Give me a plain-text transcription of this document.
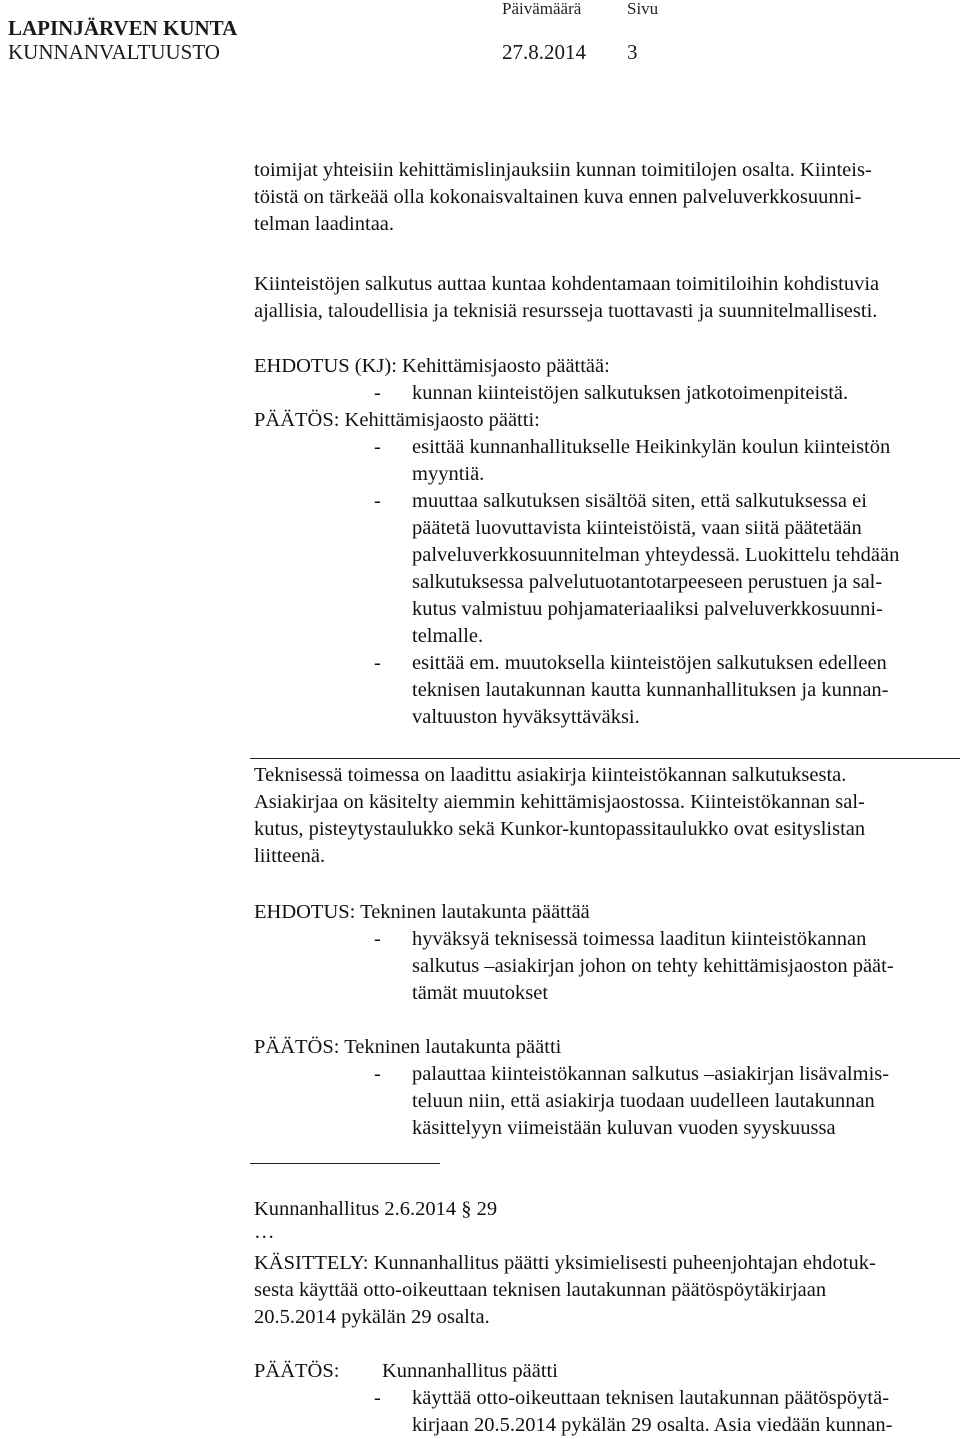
LAPINJÄRVEN KUNTA
KUNNANVALTUUSTO
Päivämäärä	Sivu
27.8.2014 3
toimijat yhteisiin kehittämislinjauksiin kunnan toimitilojen osalta. Kiinteis-
töistä on tärkeää olla kokonaisvaltainen kuva ennen palveluverkkosuunni-
telman laadintaa.
Kiinteistöjen salkutus auttaa kuntaa kohdentamaan toimitiloihin kohdistuvia
ajallisia, taloudellisia ja teknisiä resursseja tuottavasti ja suunnitelmallisesti.
EHDOTUS (KJ): Kehittämisjaosto päättää:
- kunnan kiinteistöjen salkutuksen jatkotoimenpiteistä.
PÄÄTÖS: Kehittämisjaosto päätti:
- esittää kunnanhallitukselle Heikinkylän koulun kiinteistön
myyntiä.
- muuttaa salkutuksen sisältöä siten, että salkutuksessa ei
päätetä luovuttavista kiinteistöistä, vaan siitä päätetään
palveluverkkosuunnitelman yhteydessä. Luokittelu tehdään
salkutuksessa palvelutuotantotarpeeseen perustuen ja sal-
kutus valmistuu pohjamateriaaliksi palveluverkkosuunni-
telmalle.
- esittää em. muutoksella kiinteistöjen salkutuksen edelleen
teknisen lautakunnan kautta kunnanhallituksen ja kunnan-
valtuuston hyväksyttäväksi.
Teknisessä toimessa on laadittu asiakirja kiinteistökannan salkutuksesta.
Asiakirjaa on käsitelty aiemmin kehittämisjaostossa. Kiinteistökannan sal-
kutus, pisteytystaulukko sekä Kunkor-kuntopassitaulukko ovat esityslistan
liitteenä.
EHDOTUS: Tekninen lautakunta päättää
- hyväksyä teknisessä toimessa laaditun kiinteistökannan
salkutus –asiakirjan johon on tehty kehittämisjaoston päät-
tämät muutokset
PÄÄTÖS: Tekninen lautakunta päätti
- palauttaa kiinteistökannan salkutus –asiakirjan lisävalmis-
teluun niin, että asiakirja tuodaan uudelleen lautakunnan
käsittelyyn viimeistään kuluvan vuoden syyskuussa
Kunnanhallitus 2.6.2014 § 29
…
KÄSITTELY: Kunnanhallitus päätti yksimielisesti puheenjohtajan ehdotuk-
sesta käyttää otto-oikeuttaan teknisen lautakunnan päätöspöytäkirjaan
20.5.2014 pykälän 29 osalta.
PÄÄTÖS: Kunnanhallitus päätti
- käyttää otto-oikeuttaan teknisen lautakunnan päätöspöytä-
kirjaan 20.5.2014 pykälän 29 osalta. Asia viedään kunnan-
